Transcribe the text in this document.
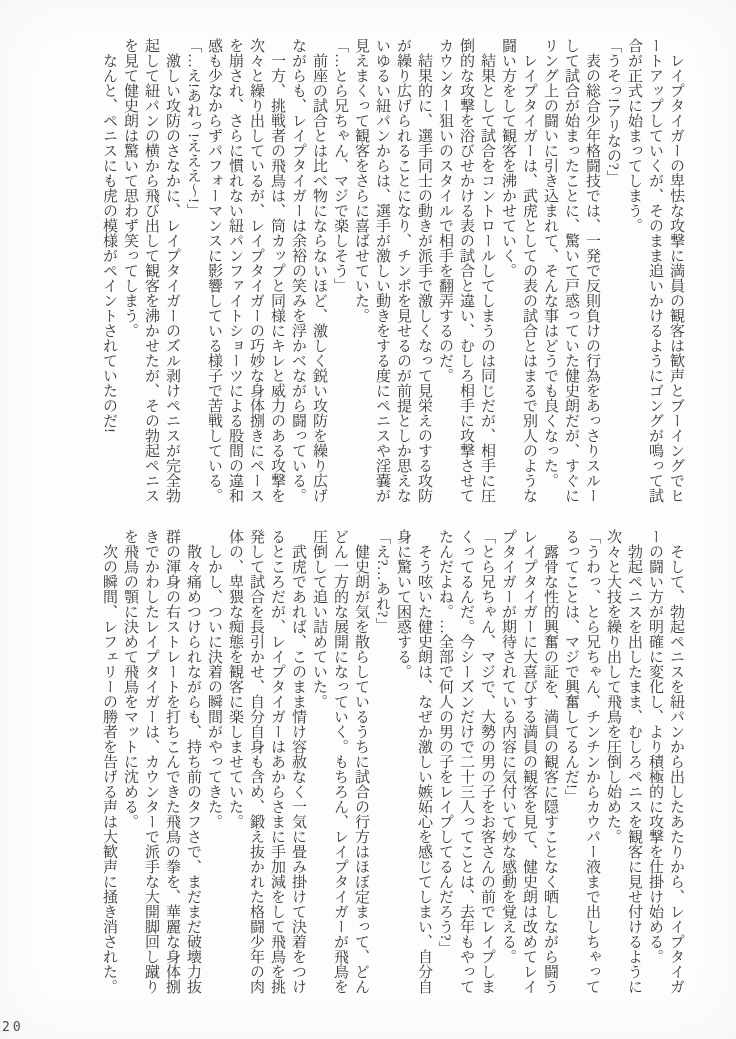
　レイプタイガーの卑怯な攻撃に満員の観客は歓声とブーイングでヒ

ートアップしていくが、そのまま追いかけるようにゴングが鳴って試

合が正式に始まってしまう。

「うそっ!アリなの?」

　表の総合少年格闘技では、一発で反則負けの行為をあっさりスルー

して試合が始まったことに、驚いて戸惑っていた健史朗だが、すぐに

リング上の闘いに引き込まれて、そんな事はどうでも良くなった。

　レイプタイガーは、武虎としての表の試合とはまるで別人のような

闘い方をして観客を沸かせていく。

　結果として試合をコントロールしてしまうのは同じだが、相手に圧

倒的な攻撃を浴びせかける表の試合と違い、むしろ相手に攻撃させて

カウンター狙いのスタイルで相手を翻弄するのだ。

　結果的に、選手同士の動きが派手で激しくなって見栄えのする攻防

が繰り広げられることになり、チンポを見せるのが前提としか思えな

いゆるい紐パンからは、選手が激しい動きをする度にペニスや淫嚢が

見えまくって観客をさらに喜ばせていた。

「…とら兄ちゃん、マジで楽しそう」

　前座の試合とは比べ物にならないほど、激しく鋭い攻防を繰り広げ

ながらも、レイプタイガーは余裕の笑みを浮かべながら闘っている。

　一方、挑戦者の飛鳥は、筒カップと同様にキレと威力のある攻撃を

次々と繰り出しているが、レイプタイガーの巧妙な身体捌きにペース

を崩され、さらに慣れない紐パンファイトショーツによる股間の違和

感も少なからずパフォーマンスに影響している様子で苦戦している。

「…え!あれっ!えええ〜!」

　激しい攻防のさなかに、レイプタイガーのズル剥けペニスが完全勃

起して紐パンの横から飛び出して観客を沸かせたが、その勃起ペニス

を見て健史朗は驚いて思わず笑ってしまう。

　なんと、ペニスにも虎の模様がペイントされていたのだ!

　そして、勃起ペニスを紐パンから出したあたりから、レイプタイガ

ーの闘い方が明確に変化し、より積極的に攻撃を仕掛け始める。

　勃起ペニスを出したまま、むしろペニスを観客に見せ付けるように

次々と大技を繰り出して飛鳥を圧倒し始めた。

「うわっ、とら兄ちゃん、チンチンからカウパー液まで出しちゃって

るってことは、マジで興奮してるんだ!」

　露骨な性的興奮の証を、満員の観客に隠すことなく晒しながら闘う

レイプタイガーに大喜びする満員の観客を見て、健史朗は改めてレイ

プタイガーが期待されている内容に気付いて妙な感動を覚える。

「とら兄ちゃん、マジで、大勢の男の子をお客さんの前でレイプしま

くってるんだ。今シーズンだけで二十三人ってことは、去年もやって

たんだよね。…全部で何人の男の子をレイプしてるんだろう?」

　そう呟いた健史朗は、なぜか激しい嫉妬心を感じてしまい、自分自

身に驚いて困惑する。

「え?…あれ?」

　健史朗が気を散らしているうちに試合の行方はほぼ定まって、どん

どん一方的な展開になっていく。もちろん、レイプタイガーが飛鳥を

圧倒して追い詰めていた。

　武虎であれば、このまま情け容赦なく一気に畳み掛けて決着をつけ

るところだが、レイプタイガーはあからさまに手加減をして飛鳥を挑

発して試合を長引かせ、自分自身も含め、鍛え抜かれた格闘少年の肉

体の、卑猥な痴態を観客に楽しませていた。

　しかし、ついに決着の瞬間がやってきた。

　散々痛めつけられながらも、持ち前のタフさで、まだまだ破壊力抜

群の渾身の右ストレートを打ちこんできた飛鳥の拳を、華麗な身体捌

きでかわしたレイプタイガーは、カウンターで派手な大開脚回し蹴り

を飛鳥の顎に決めて飛鳥をマットに沈める。

　次の瞬間、レフェリーの勝者を告げる声は大歓声に掻き消された。

20
